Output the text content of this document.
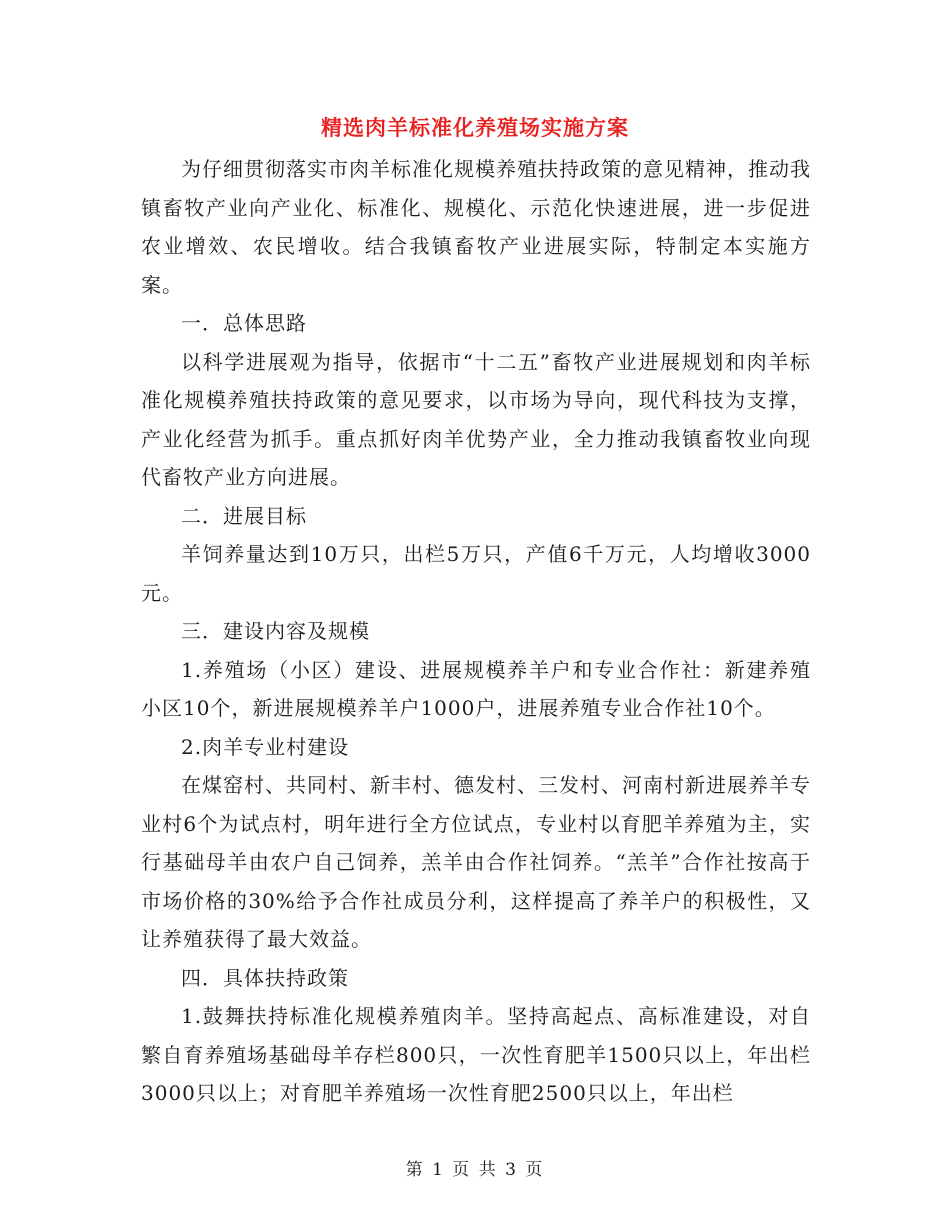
精选肉羊标准化养殖场实施方案

为仔细贯彻落实市肉羊标准化规模养殖扶持政策的意见精神，推动我镇畜牧产业向产业化、标准化、规模化、示范化快速进展，进一步促进农业增效、农民增收。结合我镇畜牧产业进展实际，特制定本实施方案。

一．总体思路

以科学进展观为指导，依据市“十二五”畜牧产业进展规划和肉羊标准化规模养殖扶持政策的意见要求，以市场为导向，现代科技为支撑，产业化经营为抓手。重点抓好肉羊优势产业，全力推动我镇畜牧业向现代畜牧产业方向进展。

二．进展目标

羊饲养量达到10万只，出栏5万只，产值6千万元，人均增收3000元。

三．建设内容及规模

1.养殖场（小区）建设、进展规模养羊户和专业合作社：新建养殖小区10个，新进展规模养羊户1000户，进展养殖专业合作社10个。

2.肉羊专业村建设

在煤窑村、共同村、新丰村、德发村、三发村、河南村新进展养羊专业村6个为试点村，明年进行全方位试点，专业村以育肥羊养殖为主，实行基础母羊由农户自己饲养，羔羊由合作社饲养。“羔羊”合作社按高于市场价格的30%给予合作社成员分利，这样提高了养羊户的积极性，又让养殖获得了最大效益。

四．具体扶持政策

1.鼓舞扶持标准化规模养殖肉羊。坚持高起点、高标准建设，对自繁自育养殖场基础母羊存栏800只，一次性育肥羊1500只以上，年出栏3000只以上；对育肥羊养殖场一次性育肥2500只以上，年出栏

第 1 页 共 3 页
